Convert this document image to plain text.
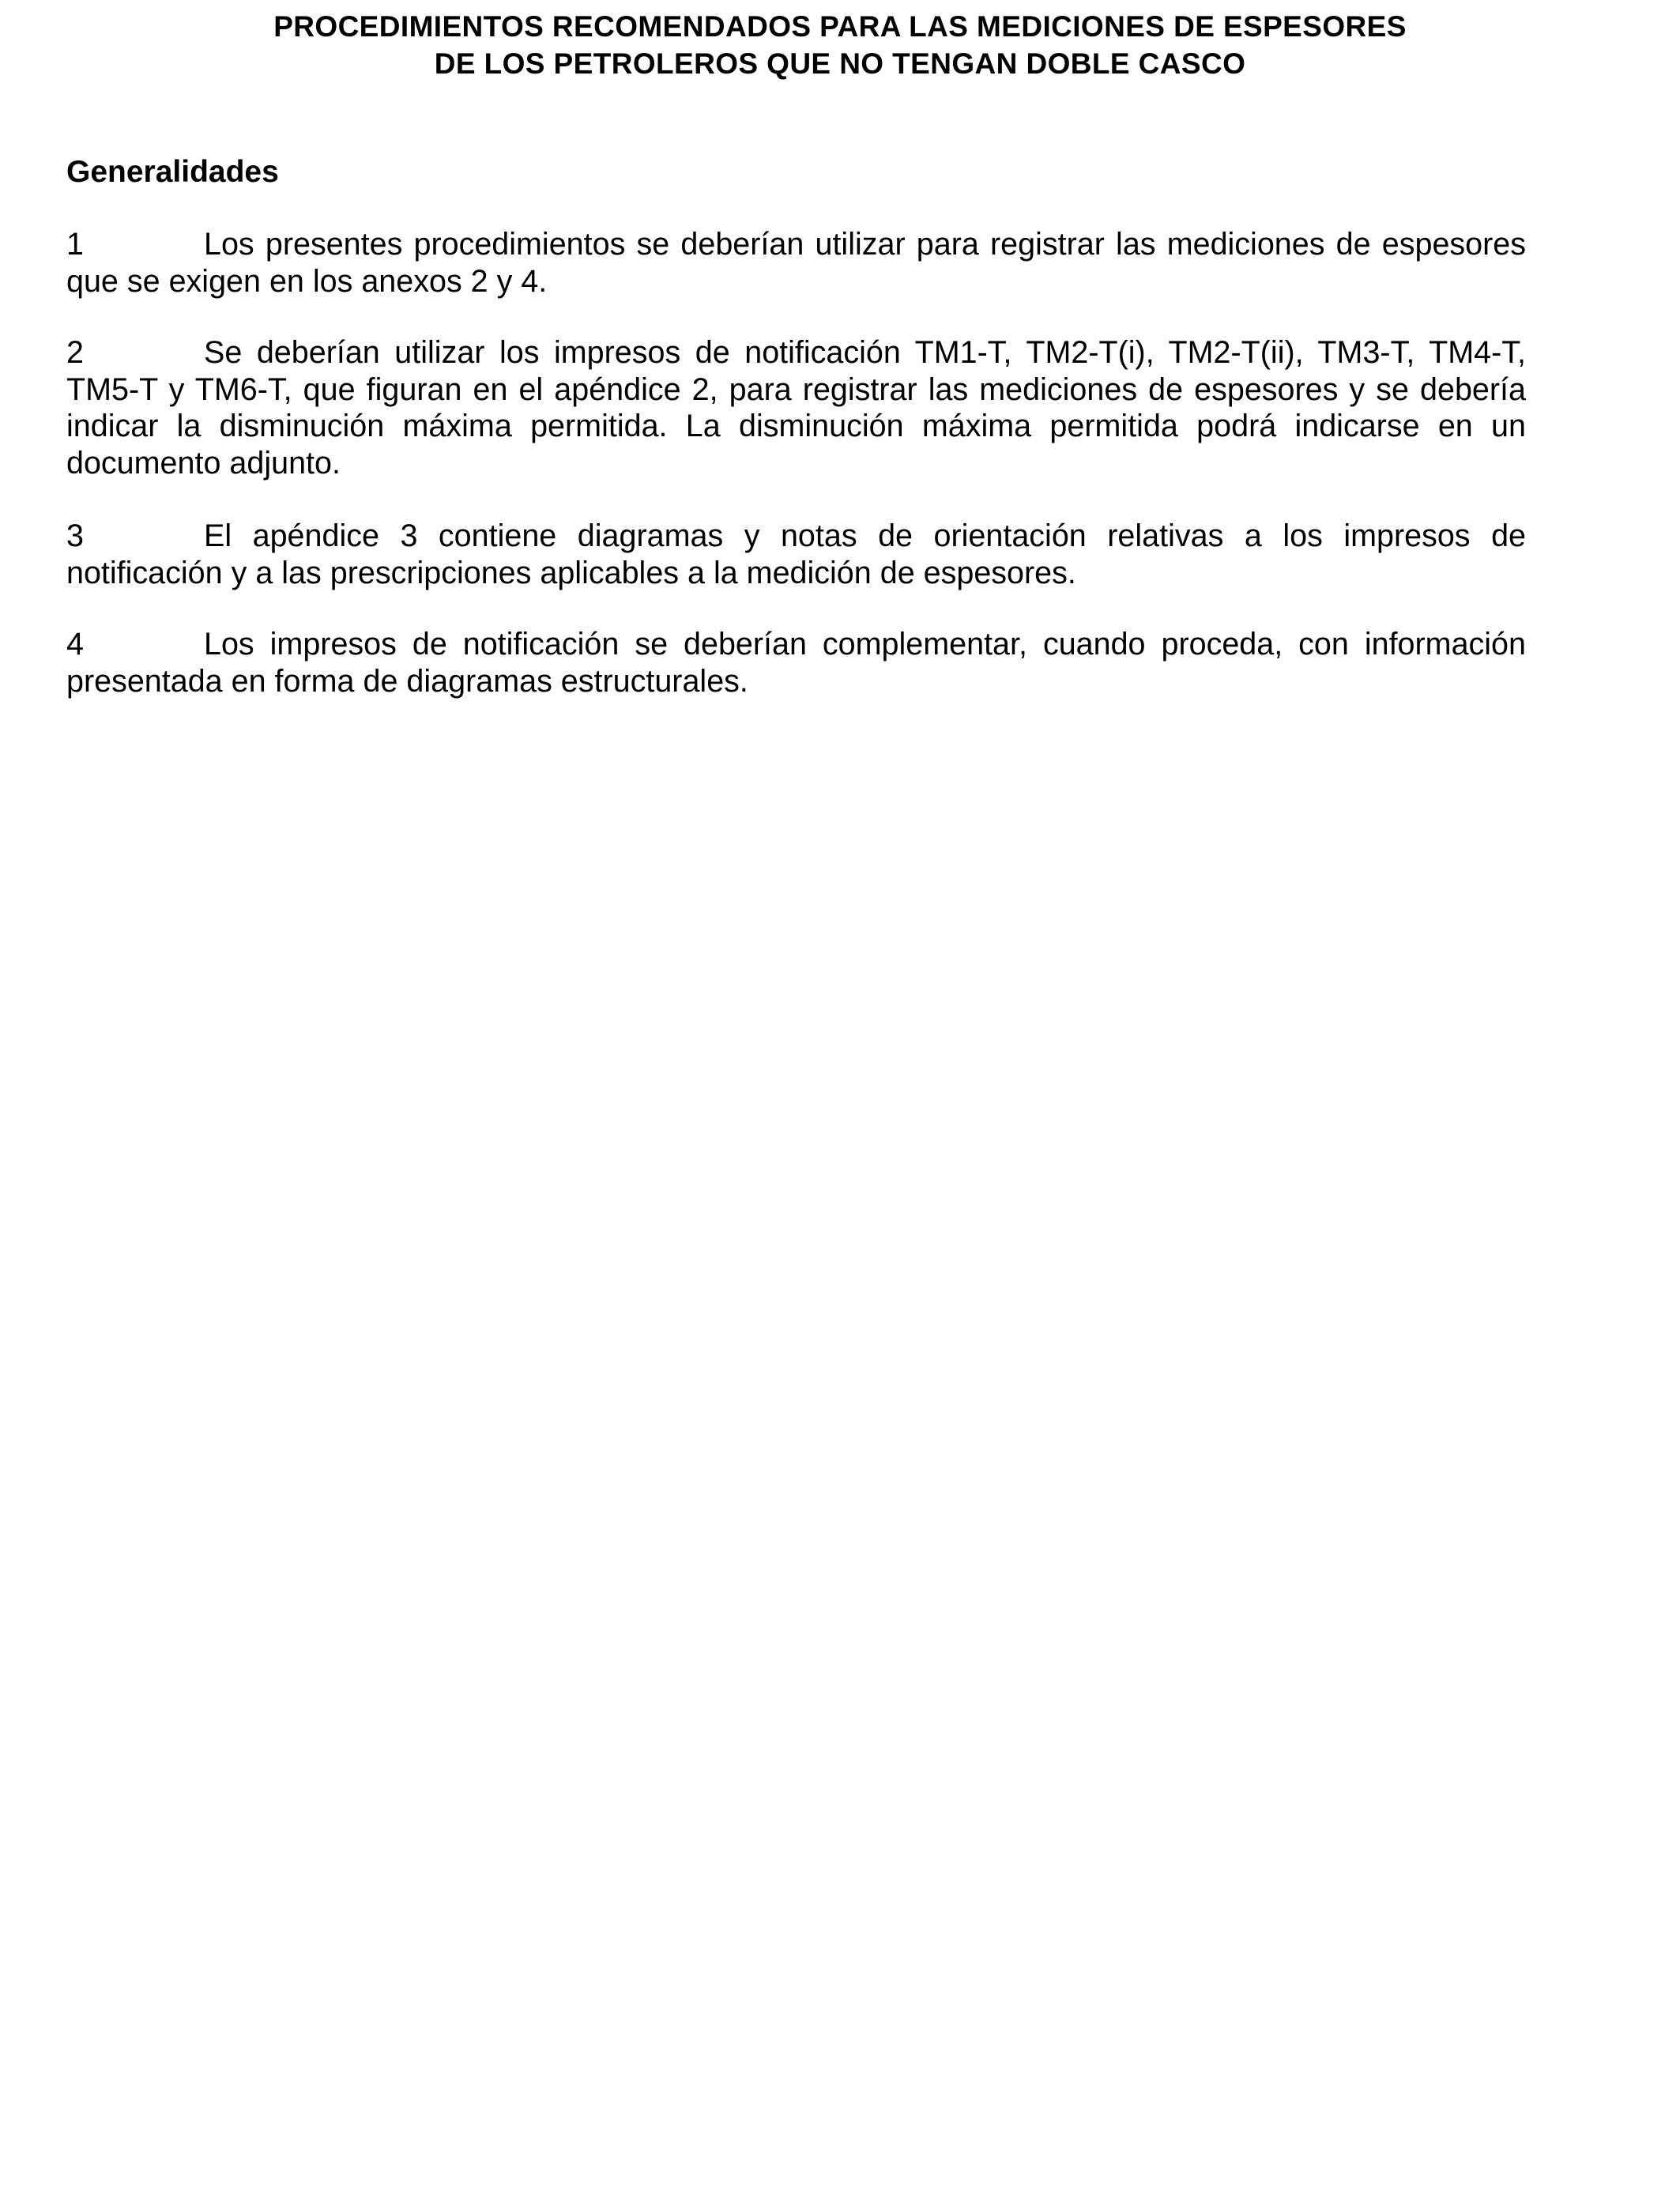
PROCEDIMIENTOS RECOMENDADOS PARA LAS MEDICIONES DE ESPESORES
DE LOS PETROLEROS QUE NO TENGAN DOBLE CASCO
Generalidades
1	Los presentes procedimientos se deberían utilizar para registrar las mediciones de espesores que se exigen en los anexos 2 y 4.
2	Se deberían utilizar los impresos de notificación TM1-T, TM2-T(i), TM2-T(ii), TM3-T, TM4-T, TM5-T y TM6-T, que figuran en el apéndice 2, para registrar las mediciones de espesores y se debería indicar la disminución máxima permitida. La disminución máxima permitida podrá indicarse en un documento adjunto.
3	El apéndice 3 contiene diagramas y notas de orientación relativas a los impresos de notificación y a las prescripciones aplicables a la medición de espesores.
4	Los impresos de notificación se deberían complementar, cuando proceda, con información presentada en forma de diagramas estructurales.
